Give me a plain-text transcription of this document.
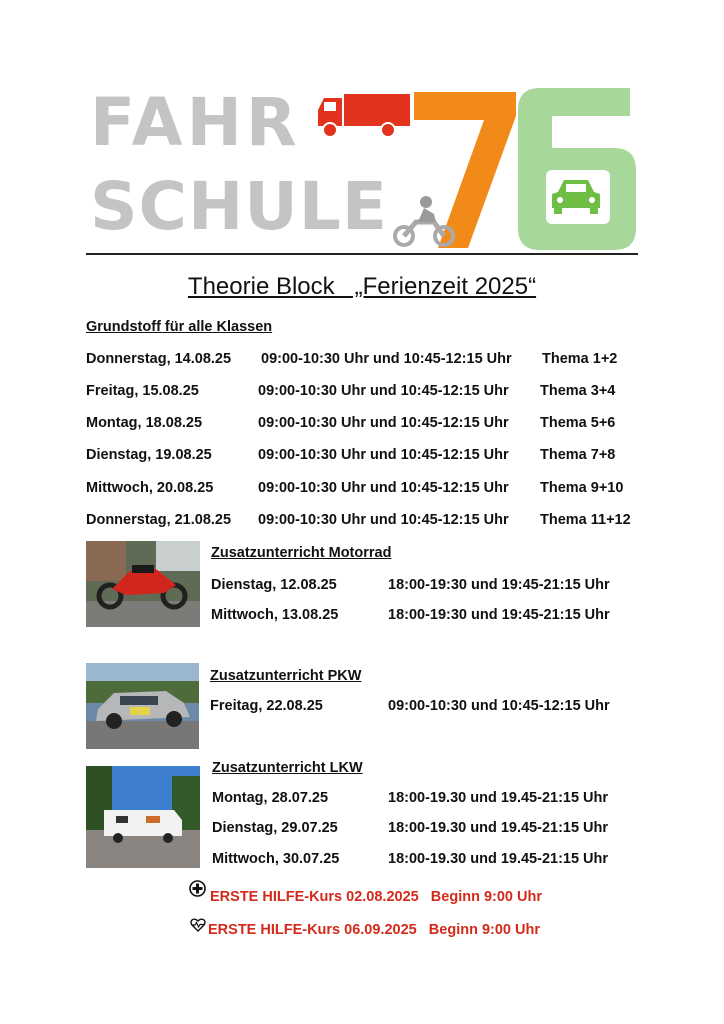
FAHR
SCHULE
Theorie Block   „Ferienzeit 2025“
Grundstoff für alle Klassen
Donnerstag, 14.08.25 09:00-10:30 Uhr und 10:45-12:15 Uhr Thema 1+2
Freitag, 15.08.25	09:00-10:30 Uhr und 10:45-12:15 Uhr Thema 3+4
Montag, 18.08.25	09:00-10:30 Uhr und 10:45-12:15 Uhr Thema 5+6
Dienstag, 19.08.25	09:00-10:30 Uhr und 10:45-12:15 Uhr Thema 7+8
Mittwoch, 20.08.25	09:00-10:30 Uhr und 10:45-12:15 Uhr Thema 9+10
Donnerstag, 21.08.25 09:00-10:30 Uhr und 10:45-12:15 Uhr Thema 11+12
Zusatzunterricht Motorrad
Dienstag, 12.08.25	18:00-19:30 und 19:45-21:15 Uhr
Mittwoch, 13.08.25	18:00-19:30 und 19:45-21:15 Uhr
Zusatzunterricht PKW
Freitag, 22.08.25	09:00-10:30 und 10:45-12:15 Uhr
Zusatzunterricht LKW
Montag, 28.07.25	18:00-19.30 und 19.45-21:15 Uhr
Dienstag, 29.07.25	18:00-19.30 und 19.45-21:15 Uhr
Mittwoch, 30.07.25	18:00-19.30 und 19.45-21:15 Uhr
ERSTE HILFE-Kurs 02.08.2025   Beginn 9:00 Uhr
ERSTE HILFE-Kurs 06.09.2025   Beginn 9:00 Uhr
